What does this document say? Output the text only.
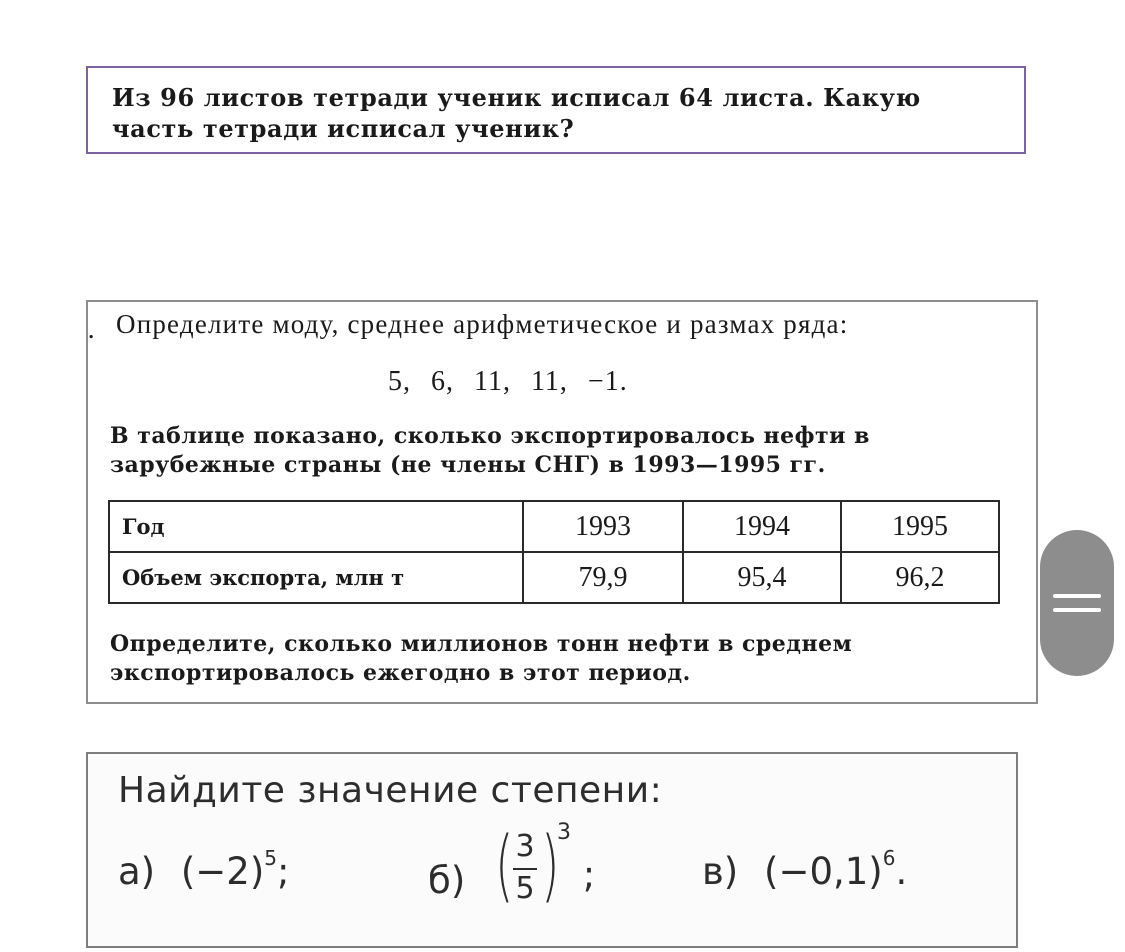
Из 96 листов тетради ученик исписал 64 листа. Какую часть тетради исписал ученик?

. Определите моду, среднее арифметическое и размах ряда:

5, 6, 11, 11, −1.

В таблице показано, сколько экспортировалось нефти в зарубежные страны (не члены СНГ) в 1993—1995 гг.

Год	1993	1994	1995
Объем экспорта, млн т	79,9	95,4	96,2

Определите, сколько миллионов тонн нефти в среднем экспортировалось ежегодно в этот период.

Найдите значение степени:

а) $(-2)^5$;	б) ( 3
5 )
3
;	в) $(-0,1)^6$.
